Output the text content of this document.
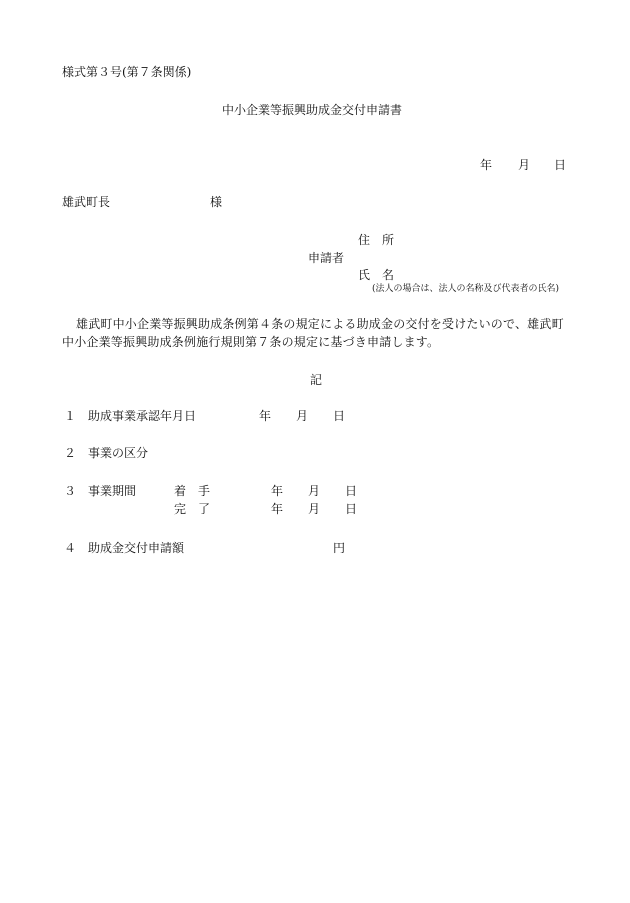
様式第３号(第７条関係)
中小企業等振興助成金交付申請書
年 月 日
雄武町長	様
住　所
申請者
氏　名
(法人の場合は、法人の名称及び代表者の氏名)
雄武町中小企業等振興助成条例第４条の規定による助成金の交付を受けたいので、雄武町
中小企業等振興助成条例施行規則第７条の規定に基づき申請します。
記
１ 助成事業承認年月日	年 月 日
２ 事業の区分
３ 事業期間	着　手	年 月 日
完　了	年 月 日
４ 助成金交付申請額	円
